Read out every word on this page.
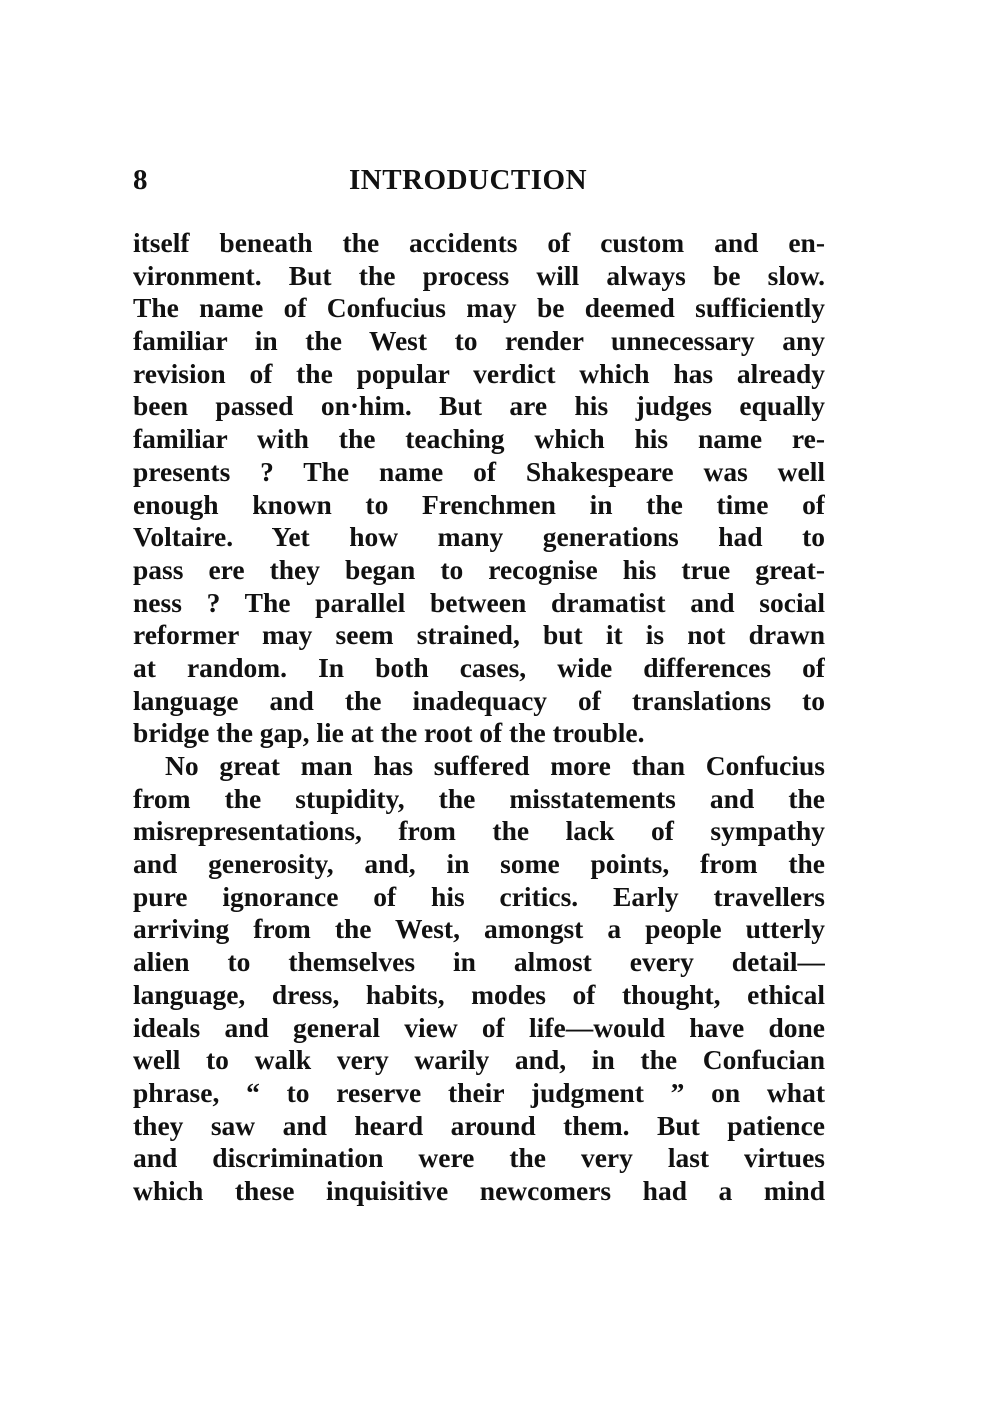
8	INTRODUCTION
itself beneath the accidents of custom and en-
vironment. But the process will always be slow.
The name of Confucius may be deemed sufficiently
familiar in the West to render unnecessary any
revision of the popular verdict which has already
been passed on·him. But are his judges equally
familiar with the teaching which his name re-
presents ? The name of Shakespeare was well
enough known to Frenchmen in the time of
Voltaire. Yet how many generations had to
pass ere they began to recognise his true great-
ness ? The parallel between dramatist and social
reformer may seem strained, but it is not drawn
at random. In both cases, wide differences of
language and the inadequacy of translations to
bridge the gap, lie at the root of the trouble.
No great man has suffered more than Confucius
from the stupidity, the misstatements and the
misrepresentations, from the lack of sympathy
and generosity, and, in some points, from the
pure ignorance of his critics. Early travellers
arriving from the West, amongst a people utterly
alien to themselves in almost every detail—
language, dress, habits, modes of thought, ethical
ideals and general view of life—would have done
well to walk very warily and, in the Confucian
phrase, “ to reserve their judgment ” on what
they saw and heard around them. But patience
and discrimination were the very last virtues
which these inquisitive newcomers had a mind
